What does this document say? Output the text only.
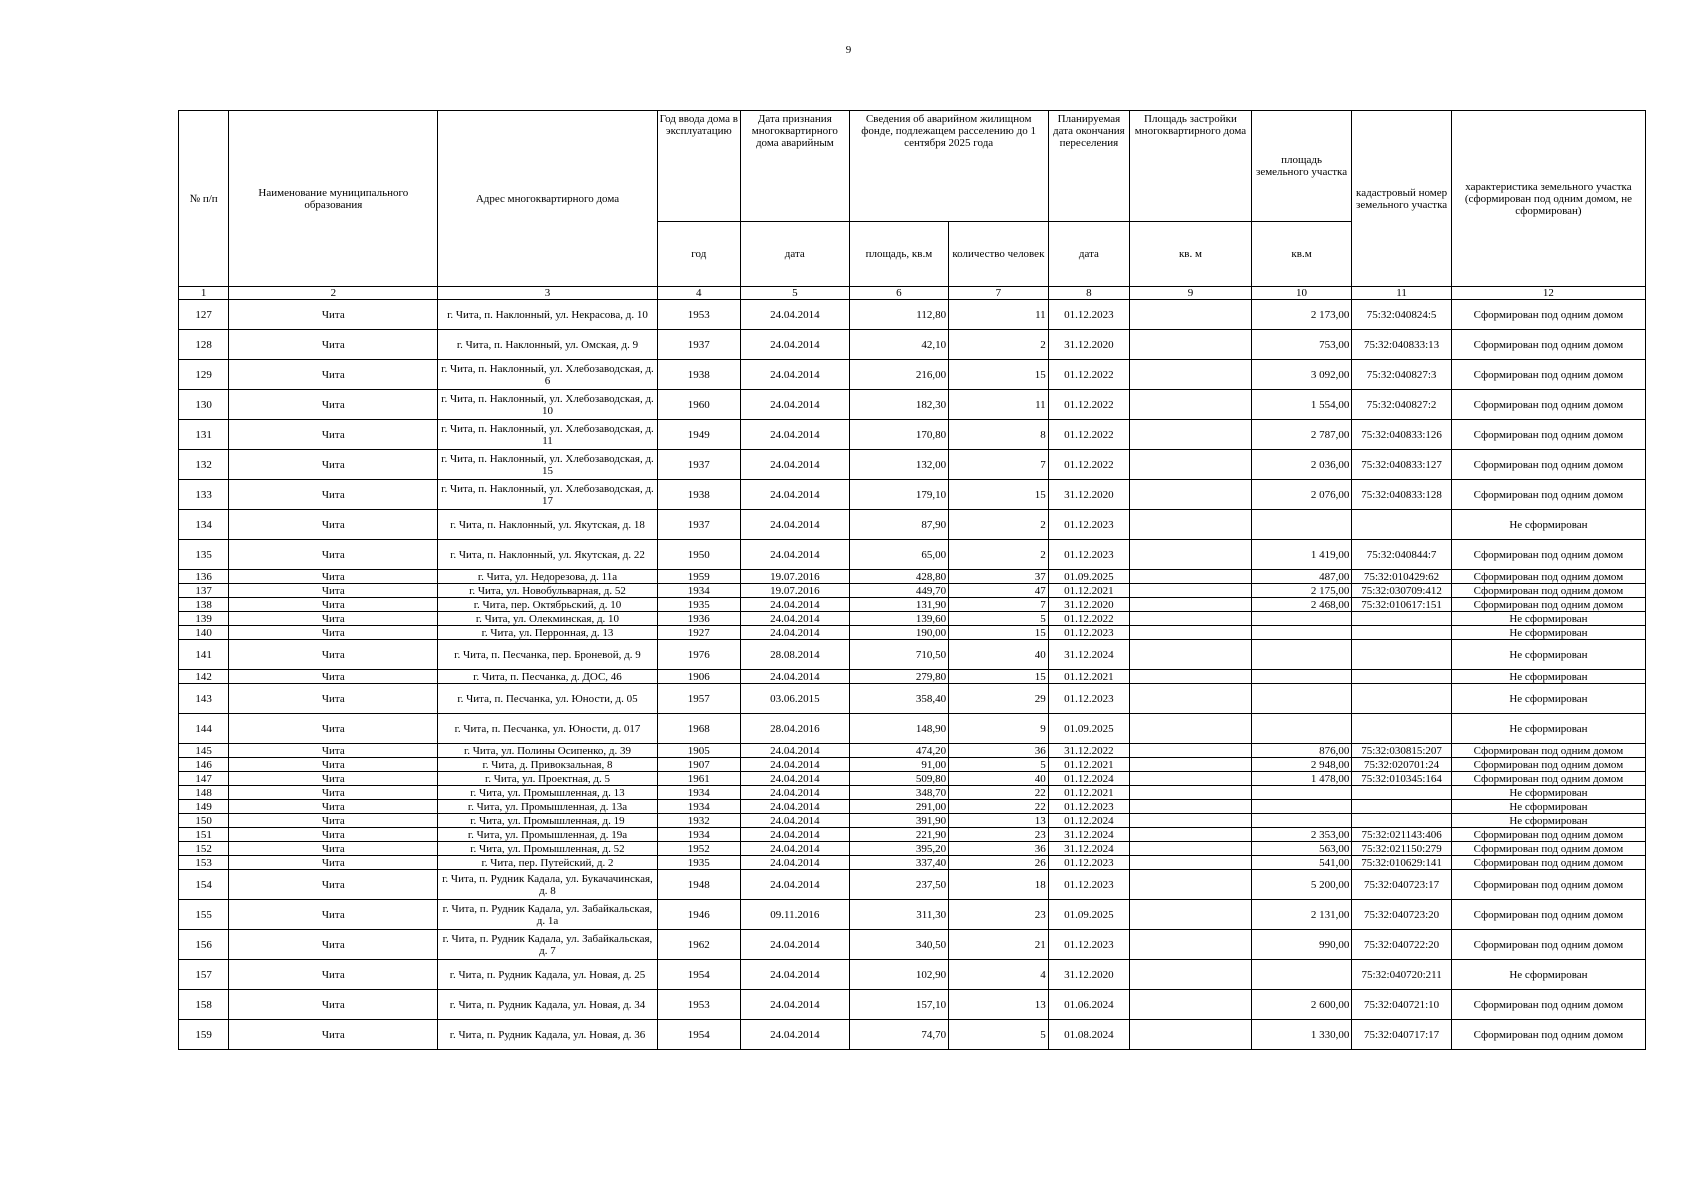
9
№ п/п	Наименование муниципального образования	Адрес многоквартирного дома	Год ввода дома в эксплуатацию	Дата признания многоквартирного дома аварийным	Сведения об аварийном жилищном фонде, подлежащем расселению до 1 сентября 2025 года		Планируемая дата окончания переселения	Площадь застройки многоквартирного дома	площадь земельного участка	кадастровый номер земельного участка	характеристика земельного участка (сформирован под одним домом, не сформирован)
			год	дата	площадь, кв.м	количество человек	дата	кв. м	кв.м		
1	2	3	4	5	6	7	8	9	10	11	12
127	Чита	г. Чита, п. Наклонный, ул. Некрасова, д. 10	1953	24.04.2014	112,80	11	01.12.2023		2 173,00	75:32:040824:5	Сформирован под одним домом
128	Чита	г. Чита, п. Наклонный, ул. Омская, д. 9	1937	24.04.2014	42,10	2	31.12.2020		753,00	75:32:040833:13	Сформирован под одним домом
129	Чита	г. Чита, п. Наклонный, ул. Хлебозаводская, д. 6	1938	24.04.2014	216,00	15	01.12.2022		3 092,00	75:32:040827:3	Сформирован под одним домом
130	Чита	г. Чита, п. Наклонный, ул. Хлебозаводская, д. 10	1960	24.04.2014	182,30	11	01.12.2022		1 554,00	75:32:040827:2	Сформирован под одним домом
131	Чита	г. Чита, п. Наклонный, ул. Хлебозаводская, д. 11	1949	24.04.2014	170,80	8	01.12.2022		2 787,00	75:32:040833:126	Сформирован под одним домом
132	Чита	г. Чита, п. Наклонный, ул. Хлебозаводская, д. 15	1937	24.04.2014	132,00	7	01.12.2022		2 036,00	75:32:040833:127	Сформирован под одним домом
133	Чита	г. Чита, п. Наклонный, ул. Хлебозаводская, д. 17	1938	24.04.2014	179,10	15	31.12.2020		2 076,00	75:32:040833:128	Сформирован под одним домом
134	Чита	г. Чита, п. Наклонный, ул. Якутская, д. 18	1937	24.04.2014	87,90	2	01.12.2023				Не сформирован
135	Чита	г. Чита, п. Наклонный, ул. Якутская, д. 22	1950	24.04.2014	65,00	2	01.12.2023		1 419,00	75:32:040844:7	Сформирован под одним домом
136	Чита	г. Чита, ул. Недорезова, д. 11а	1959	19.07.2016	428,80	37	01.09.2025		487,00	75:32:010429:62	Сформирован под одним домом
137	Чита	г. Чита, ул. Новобульварная, д. 52	1934	19.07.2016	449,70	47	01.12.2021		2 175,00	75:32:030709:412	Сформирован под одним домом
138	Чита	г. Чита, пер. Октябрьский, д. 10	1935	24.04.2014	131,90	7	31.12.2020		2 468,00	75:32:010617:151	Сформирован под одним домом
139	Чита	г. Чита, ул. Олекминская, д. 10	1936	24.04.2014	139,60	5	01.12.2022				Не сформирован
140	Чита	г. Чита, ул. Перронная, д. 13	1927	24.04.2014	190,00	15	01.12.2023				Не сформирован
141	Чита	г. Чита, п. Песчанка, пер. Броневой, д. 9	1976	28.08.2014	710,50	40	31.12.2024				Не сформирован
142	Чита	г. Чита, п. Песчанка, д. ДОС, 46	1906	24.04.2014	279,80	15	01.12.2021				Не сформирован
143	Чита	г. Чита, п. Песчанка, ул. Юности, д. 05	1957	03.06.2015	358,40	29	01.12.2023				Не сформирован
144	Чита	г. Чита, п. Песчанка, ул. Юности, д. 017	1968	28.04.2016	148,90	9	01.09.2025				Не сформирован
145	Чита	г. Чита, ул. Полины Осипенко, д. 39	1905	24.04.2014	474,20	36	31.12.2022		876,00	75:32:030815:207	Сформирован под одним домом
146	Чита	г. Чита, д. Привокзальная, 8	1907	24.04.2014	91,00	5	01.12.2021		2 948,00	75:32:020701:24	Сформирован под одним домом
147	Чита	г. Чита, ул. Проектная, д. 5	1961	24.04.2014	509,80	40	01.12.2024		1 478,00	75:32:010345:164	Сформирован под одним домом
148	Чита	г. Чита, ул. Промышленная, д. 13	1934	24.04.2014	348,70	22	01.12.2021				Не сформирован
149	Чита	г. Чита, ул. Промышленная, д. 13а	1934	24.04.2014	291,00	22	01.12.2023				Не сформирован
150	Чита	г. Чита, ул. Промышленная, д. 19	1932	24.04.2014	391,90	13	01.12.2024				Не сформирован
151	Чита	г. Чита, ул. Промышленная, д. 19а	1934	24.04.2014	221,90	23	31.12.2024		2 353,00	75:32:021143:406	Сформирован под одним домом
152	Чита	г. Чита, ул. Промышленная, д. 52	1952	24.04.2014	395,20	36	31.12.2024		563,00	75:32:021150:279	Сформирован под одним домом
153	Чита	г. Чита, пер. Путейский, д. 2	1935	24.04.2014	337,40	26	01.12.2023		541,00	75:32:010629:141	Сформирован под одним домом
154	Чита	г. Чита, п. Рудник Кадала, ул. Букачачинская, д. 8	1948	24.04.2014	237,50	18	01.12.2023		5 200,00	75:32:040723:17	Сформирован под одним домом
155	Чита	г. Чита, п. Рудник Кадала, ул. Забайкальская, д. 1а	1946	09.11.2016	311,30	23	01.09.2025		2 131,00	75:32:040723:20	Сформирован под одним домом
156	Чита	г. Чита, п. Рудник Кадала, ул. Забайкальская, д. 7	1962	24.04.2014	340,50	21	01.12.2023		990,00	75:32:040722:20	Сформирован под одним домом
157	Чита	г. Чита, п. Рудник Кадала, ул. Новая, д. 25	1954	24.04.2014	102,90	4	31.12.2020			75:32:040720:211	Не сформирован
158	Чита	г. Чита, п. Рудник Кадала, ул. Новая, д. 34	1953	24.04.2014	157,10	13	01.06.2024		2 600,00	75:32:040721:10	Сформирован под одним домом
159	Чита	г. Чита, п. Рудник Кадала, ул. Новая, д. 36	1954	24.04.2014	74,70	5	01.08.2024		1 330,00	75:32:040717:17	Сформирован под одним домом
